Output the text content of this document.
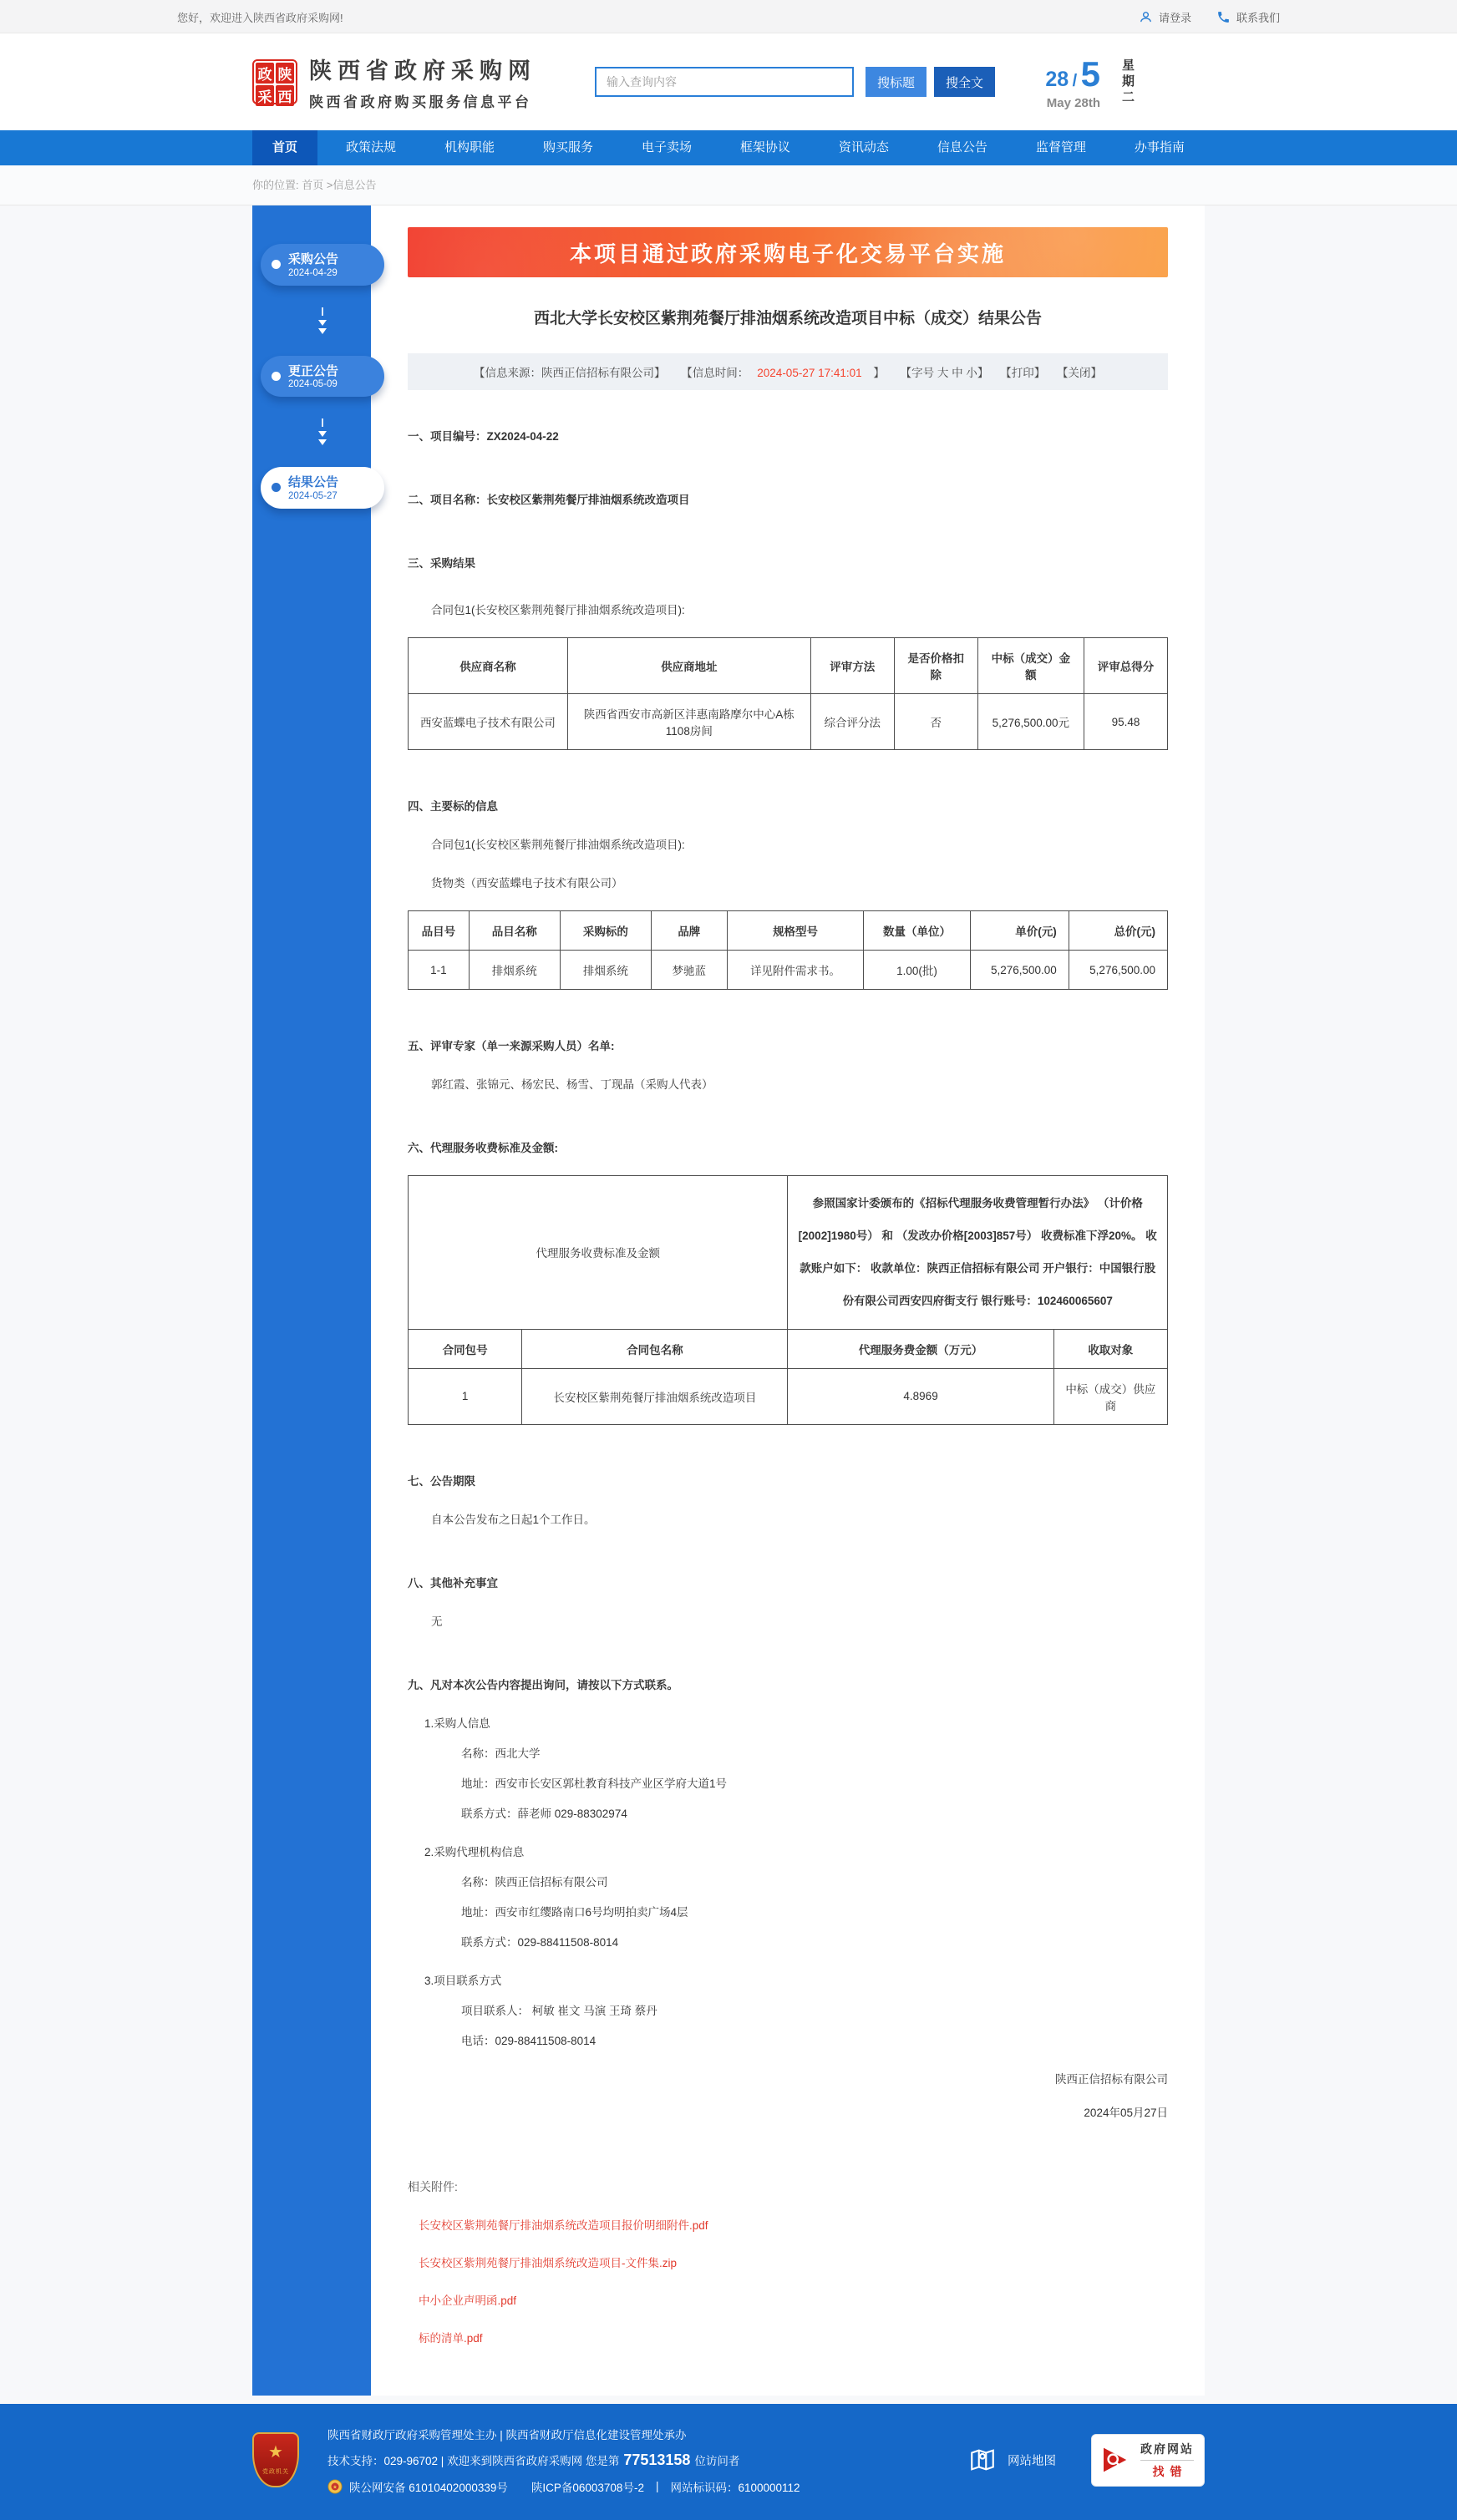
您好，欢迎进入陕西省政府采购网!	请登录	联系我们
政 陕
采 西
陕西省政府采购网
陕西省政府购买服务信息平台
输入查询内容
搜标题	搜全文	28 / 5
May 28th 星期二
首页	政策法规	机构职能	购买服务	电子卖场	框架协议	资讯动态	信息公告	监督管理	办事指南
你的位置: 首页 >信息公告
采购公告
2024-04-29
更正公告
2024-05-09
结果公告
2024-05-27
本项目通过政府采购电子化交易平台实施
西北大学长安校区紫荆苑餐厅排油烟系统改造项目中标（成交）结果公告
【信息来源：陕西正信招标有限公司】 【信息时间： 2024-05-27 17:41:01 】 【字号 大 中 小】 【打印】 【关闭】
一、项目编号：ZX2024-04-22
二、项目名称：长安校区紫荆苑餐厅排油烟系统改造项目
三、采购结果
合同包1(长安校区紫荆苑餐厅排油烟系统改造项目):
供应商名称	供应商地址	评审方法	是否价格扣除	中标（成交）金额	评审总得分
西安蓝蝶电子技术有限公司	陕西省西安市高新区沣惠南路摩尔中心A栋1108房间	综合评分法	否	5,276,500.00元	95.48
四、主要标的信息
合同包1(长安校区紫荆苑餐厅排油烟系统改造项目):
货物类（西安蓝蝶电子技术有限公司）
品目号	品目名称	采购标的	品牌	规格型号	数量（单位）	单价(元)	总价(元)
1-1	排烟系统	排烟系统	梦驰蓝	详见附件需求书。	1.00(批)	5,276,500.00	5,276,500.00
五、评审专家（单一来源采购人员）名单:
郭红霞、张锦元、杨宏民、杨雪、丁现晶（采购人代表）
六、代理服务收费标准及金额:
代理服务收费标准及金额		参照国家计委颁布的《招标代理服务收费管理暂行办法》 （计价格[2002]1980号） 和 （发改办价格[2003]857号） 收费标准下浮20%。 收款账户如下： 收款单位：陕西正信招标有限公司 开户银行：中国银行股份有限公司西安四府街支行 银行账号：102460065607	
合同包号	合同包名称	代理服务费金额（万元）	收取对象
1	长安校区紫荆苑餐厅排油烟系统改造项目	4.8969	中标（成交）供应商
七、公告期限
自本公告发布之日起1个工作日。
八、其他补充事宜
无
九、凡对本次公告内容提出询问，请按以下方式联系。
1.采购人信息
名称：西北大学
地址：西安市长安区郭杜教育科技产业区学府大道1号
联系方式：薛老师 029-88302974
2.采购代理机构信息
名称：陕西正信招标有限公司
地址：西安市红缨路南口6号均明拍卖广场4层
联系方式：029-88411508-8014
3.项目联系方式
项目联系人： 柯敏 崔文 马演 王琦 蔡丹
电话：029-88411508-8014
陕西正信招标有限公司
2024年05月27日
相关附件:
长安校区紫荆苑餐厅排油烟系统改造项目报价明细附件.pdf
长安校区紫荆苑餐厅排油烟系统改造项目-文件集.zip
中小企业声明函.pdf
标的清单.pdf
★
党政机关
陕西省财政厅政府采购管理处主办 | 陕西省财政厅信息化建设管理处承办
技术支持：029-96702 | 欢迎来到陕西省政府采购网 您是第 77513158 位访问者
★ 陕公网安备 61010402000339号 陕ICP备06003708号-2 | 网站标识码：6100000112
网站地图
政府网站
找错
